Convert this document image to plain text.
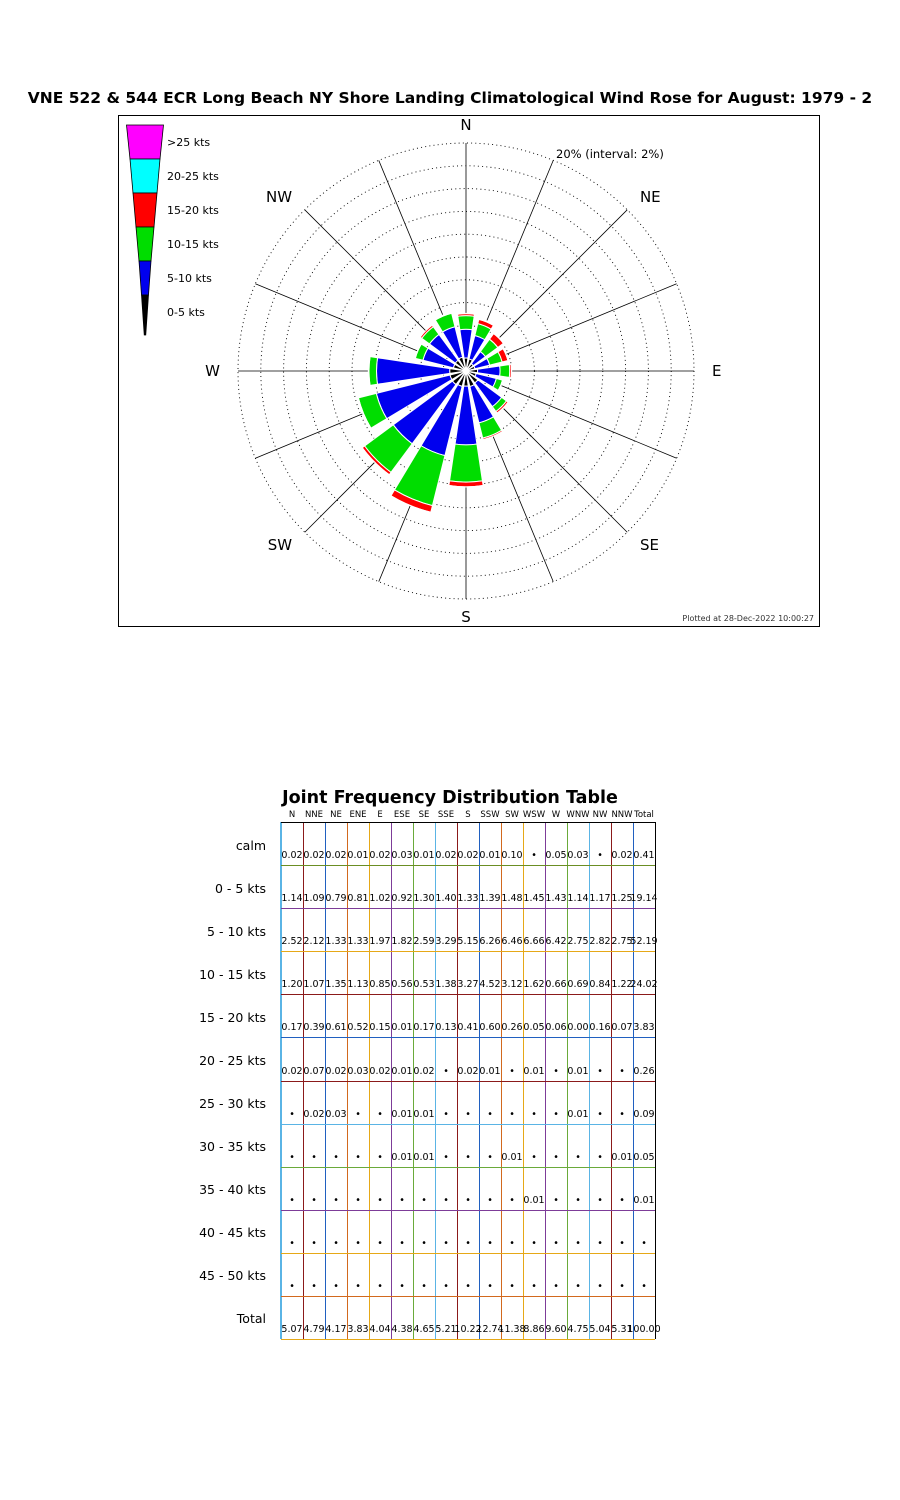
VNE 522 & 544 ECR Long Beach NY Shore Landing Climatological Wind Rose for August: 1979 - 2
N
NE
E
SE
S
SW
W
NW
20% (interval: 2%)
Plotted at 28-Dec-2022 10:00:27
>25 kts
20-25 kts
15-20 kts
10-15 kts
5-10 kts
0-5 kts
Joint Frequency Distribution Table
N NNE NE ENE E ESE SE SSE S SSW SW WSW W WNW NW NNW Total
calm
0 - 5 kts
5 - 10 kts
10 - 15 kts
15 - 20 kts
20 - 25 kts
25 - 30 kts
30 - 35 kts
35 - 40 kts
40 - 45 kts
45 - 50 kts
Total
0.02 0.02 0.02 0.01 0.02 0.03 0.01 0.02 0.02 0.01 0.10 • 0.05 0.03 • 0.02 0.41
1.14 1.09 0.79 0.81 1.02 0.92 1.30 1.40 1.33 1.39 1.48 1.45 1.43 1.14 1.17 1.25
19.14
2.52 2.12 1.33 1.33 1.97 1.82 2.59 3.29 5.15 6.26 6.46 6.66 6.42 2.75 2.82 2.75
52.19
1.20 1.07 1.35 1.13 0.85 0.56 0.53 1.38 3.27 4.52 3.12 1.62 0.66 0.69 0.84 1.22
24.02
0.17 0.39 0.61 0.52 0.15 0.01 0.17 0.13 0.41 0.60 0.26 0.05 0.06 0.00 0.16 0.07 3.83
0.02 0.07 0.02 0.03 0.02 0.01 0.02 • 0.02 0.01 • 0.01 • 0.01 • • 0.26
• 0.02 0.03 • • 0.01 0.01 • • • • • • 0.01 • • 0.09
• • • • • 0.01 0.01 • • • 0.01 • • • • 0.01 0.05
• • • • • • • • • • • 0.01 • • • • 0.01
• • • • • • • • • • • • • • • • •
• • • • • • • • • • • • • • • • •
5.07 4.79 4.17 3.83 4.04 4.38 4.65 5.21
10.22
12.74
11.38
8.86 9.60 4.75 5.04 5.31
100.00
